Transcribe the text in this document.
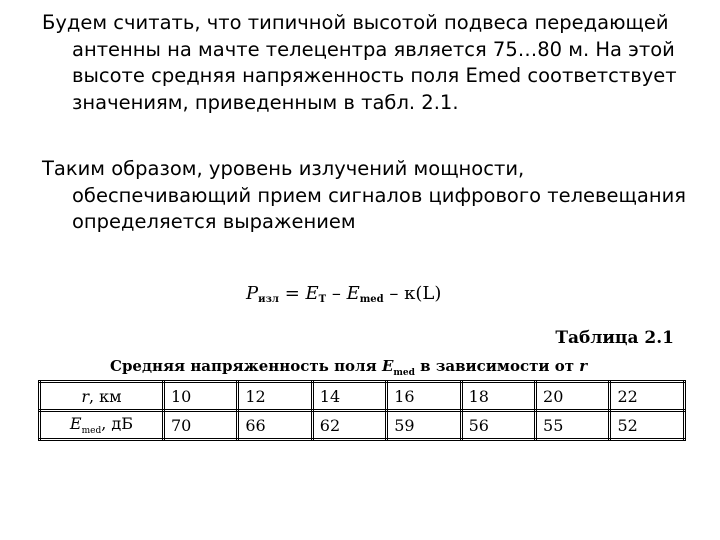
Будем считать, что типичной высотой подвеса передающей антенны на мачте телецентра является 75…80 м. На этой высоте средняя напряженность поля Emed соответствует значениям, приведенным в табл. 2.1.
Таким образом, уровень излучений мощности, обеспечивающий прием сигналов цифрового телевещания определяется выражением
$P_{изл} = E_T - E_{med} - \kappa(L)$
Таблица 2.1
Средняя напряженность поля $E_{med}$ в зависимости от r
r, км	10	12	14	16	18	20	22
$E_{med}$, дБ	70	66	62	59	56	55	52
